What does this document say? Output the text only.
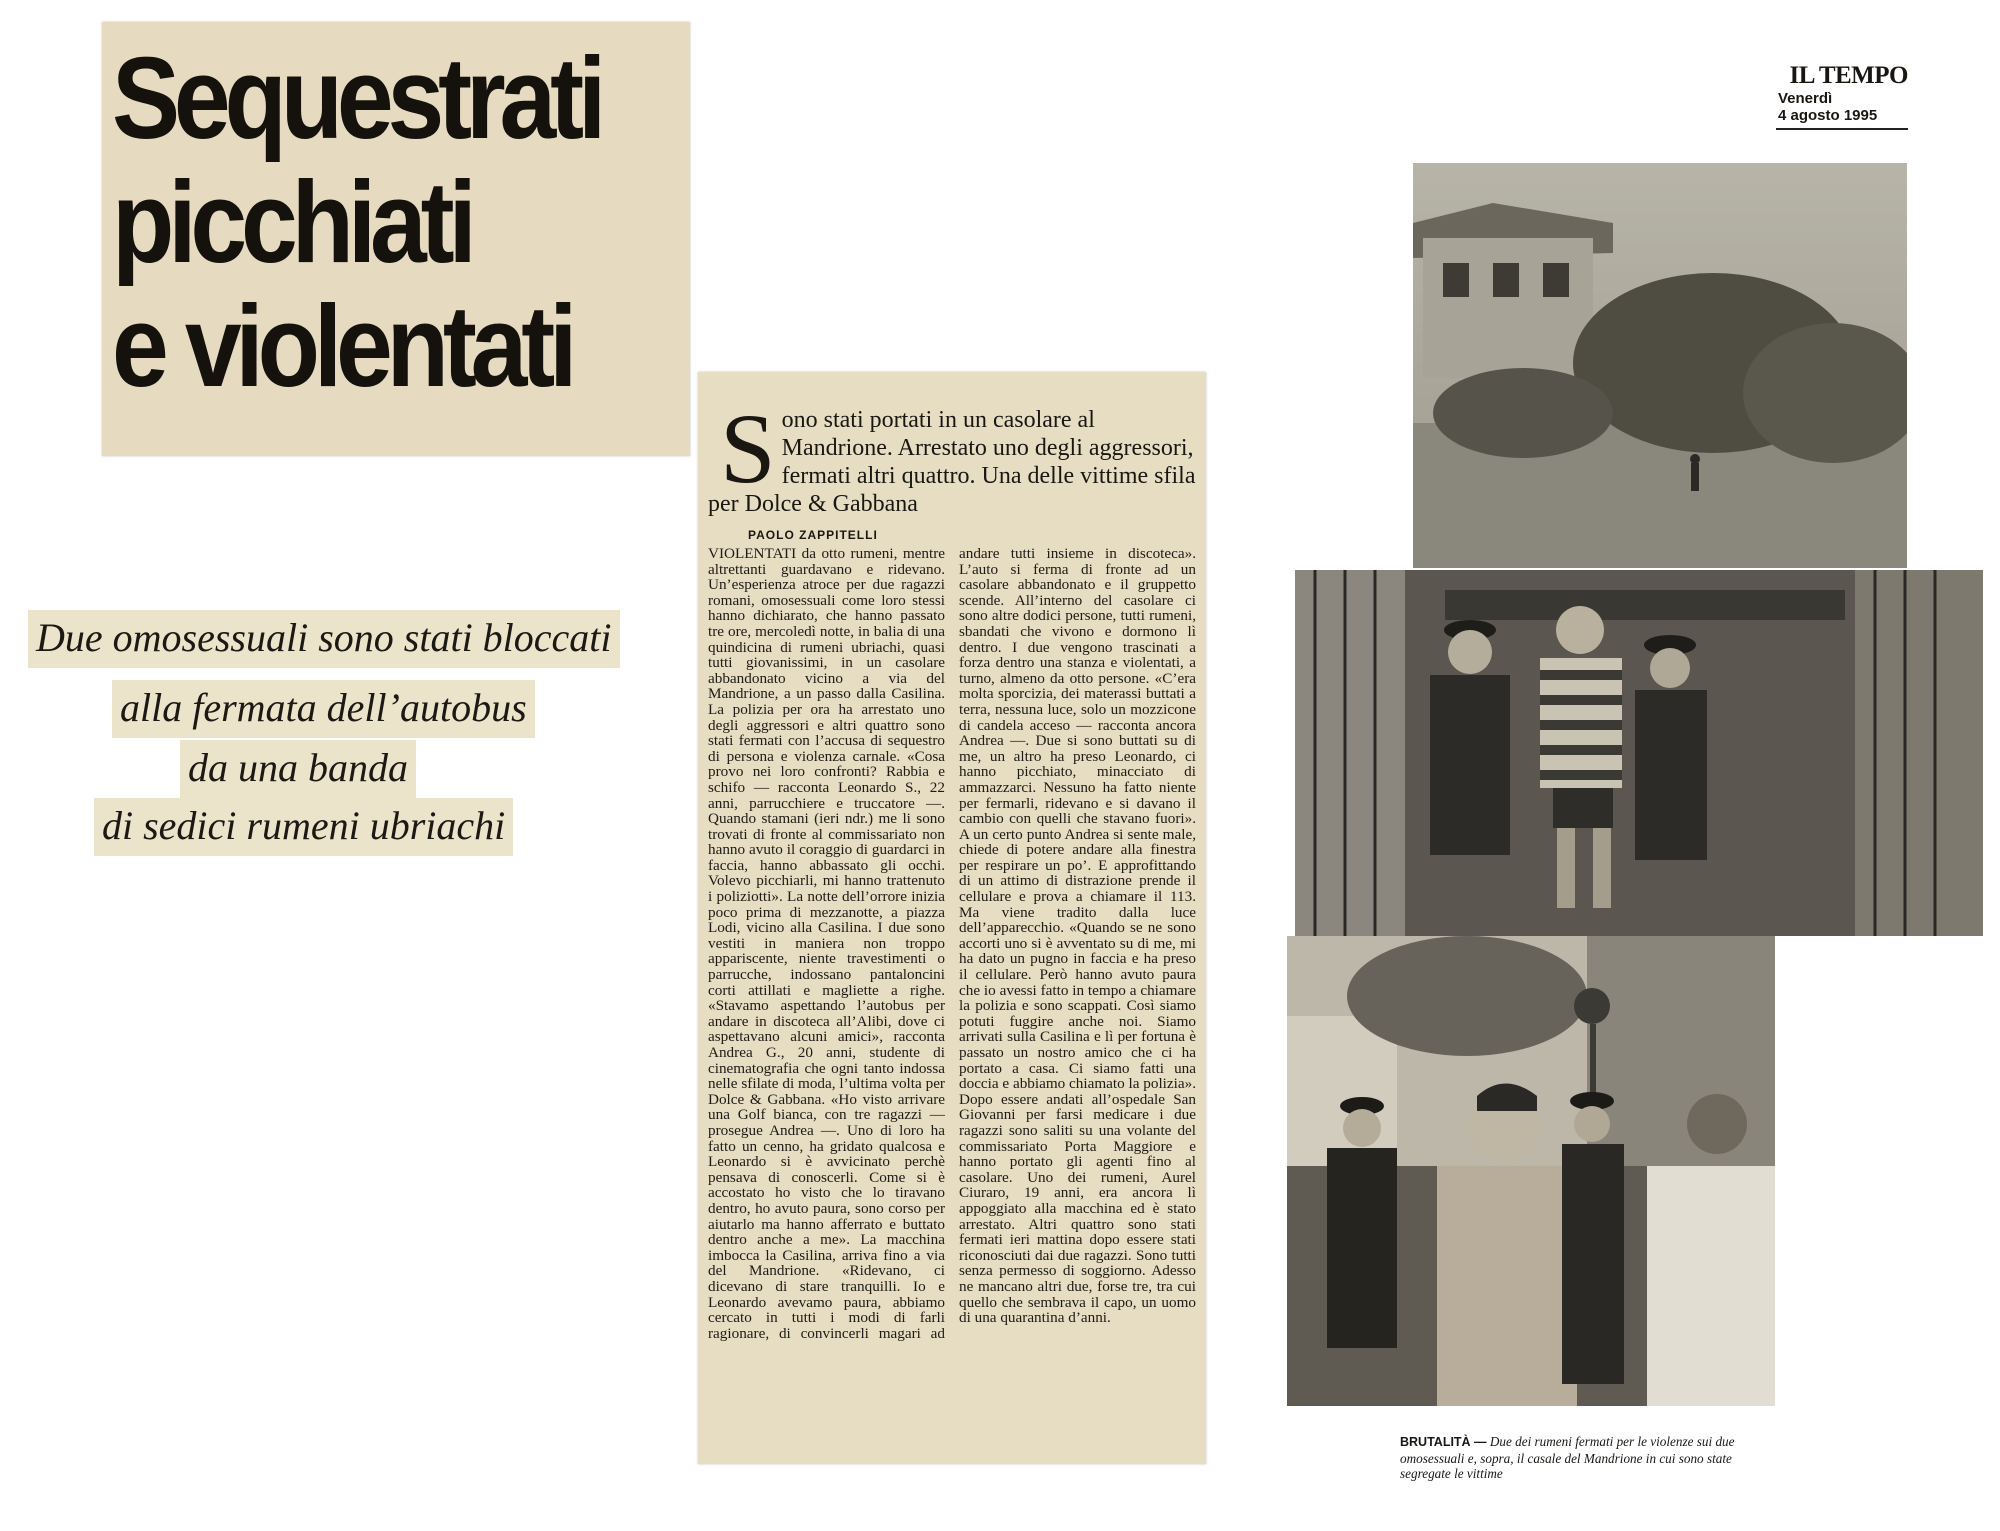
Sequestrati
picchiati
e violentati
Due omosessuali sono stati bloccati
alla fermata dell’autobus
da una banda
di sedici rumeni ubriachi
IL TEMPO
Venerdì
4 agosto 1995
S ono stati portati in un casolare al Mandrione. Arrestato uno degli aggressori, fermati altri quattro. Una delle vittime sfila per Dolce & Gabbana
PAOLO ZAPPITELLI
VIOLENTATI da otto rumeni, mentre altrettanti guardavano e ridevano. Un’esperienza atroce per due ragazzi romani, omosessuali come loro stessi hanno dichiarato, che hanno passato tre ore, mercoledì notte, in balia di una quindicina di rumeni ubriachi, quasi tutti giovanissimi, in un casolare abbandonato vicino a via del Mandrione, a un passo dalla Casilina. La polizia per ora ha arrestato uno degli aggressori e altri quattro sono stati fermati con l’accusa di sequestro di persona e violenza carnale. «Cosa provo nei loro confronti? Rabbia e schifo — racconta Leonardo S., 22 anni, parrucchiere e truccatore —. Quando stamani (ieri ndr.) me li sono trovati di fronte al commissariato non hanno avuto il coraggio di guardarci in faccia, hanno abbassato gli occhi. Volevo picchiarli, mi hanno trattenuto i poliziotti». La notte dell’orrore inizia poco prima di mezzanotte, a piazza Lodi, vicino alla Casilina. I due sono vestiti in maniera non troppo appariscente, niente travestimenti o parrucche, indossano pantaloncini corti attillati e magliette a righe. «Stavamo aspettando l’autobus per andare in discoteca all’Alibi, dove ci aspettavano alcuni amici», racconta Andrea G., 20 anni, studente di cinematografia che ogni tanto indossa nelle sfilate di moda, l’ultima volta per Dolce & Gabbana. «Ho visto arrivare una Golf bianca, con tre ragazzi — prosegue Andrea —. Uno di loro ha fatto un cenno, ha gridato qualcosa e Leonardo si è avvicinato perchè pensava di conoscerli. Come si è accostato ho visto che lo tiravano dentro, ho avuto paura, sono corso per aiutarlo ma hanno afferrato e buttato dentro anche a me». La macchina imbocca la Casilina, arriva fino a via del Mandrione. «Ridevano, ci dicevano di stare tranquilli. Io e Leonardo avevamo paura, abbiamo cercato in tutti i modi di farli ragionare, di convincerli magari ad andare tutti insieme in discoteca». L’auto si ferma di fronte ad un casolare abbandonato e il gruppetto scende. All’interno del casolare ci sono altre dodici persone, tutti rumeni, sbandati che vivono e dormono lì dentro. I due vengono trascinati a forza dentro una stanza e violentati, a turno, almeno da otto persone. «C’era molta sporcizia, dei materassi buttati a terra, nessuna luce, solo un mozzicone di candela acceso — racconta ancora Andrea —. Due si sono buttati su di me, un altro ha preso Leonardo, ci hanno picchiato, minacciato di ammazzarci. Nessuno ha fatto niente per fermarli, ridevano e si davano il cambio con quelli che stavano fuori». A un certo punto Andrea si sente male, chiede di potere andare alla finestra per respirare un po’. E approfittando di un attimo di distrazione prende il cellulare e prova a chiamare il 113. Ma viene tradito dalla luce dell’apparecchio. «Quando se ne sono accorti uno si è avventato su di me, mi ha dato un pugno in faccia e ha preso il cellulare. Però hanno avuto paura che io avessi fatto in tempo a chiamare la polizia e sono scappati. Così siamo potuti fuggire anche noi. Siamo arrivati sulla Casilina e lì per fortuna è passato un nostro amico che ci ha portato a casa. Ci siamo fatti una doccia e abbiamo chiamato la polizia». Dopo essere andati all’ospedale San Giovanni per farsi medicare i due ragazzi sono saliti su una volante del commissariato Porta Maggiore e hanno portato gli agenti fino al casolare. Uno dei rumeni, Aurel Ciuraro, 19 anni, era ancora lì appoggiato alla macchina ed è stato arrestato. Altri quattro sono stati fermati ieri mattina dopo essere stati riconosciuti dai due ragazzi. Sono tutti senza permesso di soggiorno. Adesso ne mancano altri due, forse tre, tra cui quello che sembrava il capo, un uomo di una quarantina d’anni.
BRUTALITÀ — Due dei rumeni fermati per le violenze sui due omosessuali e, sopra, il casale del Mandrione in cui sono state segregate le vittime
